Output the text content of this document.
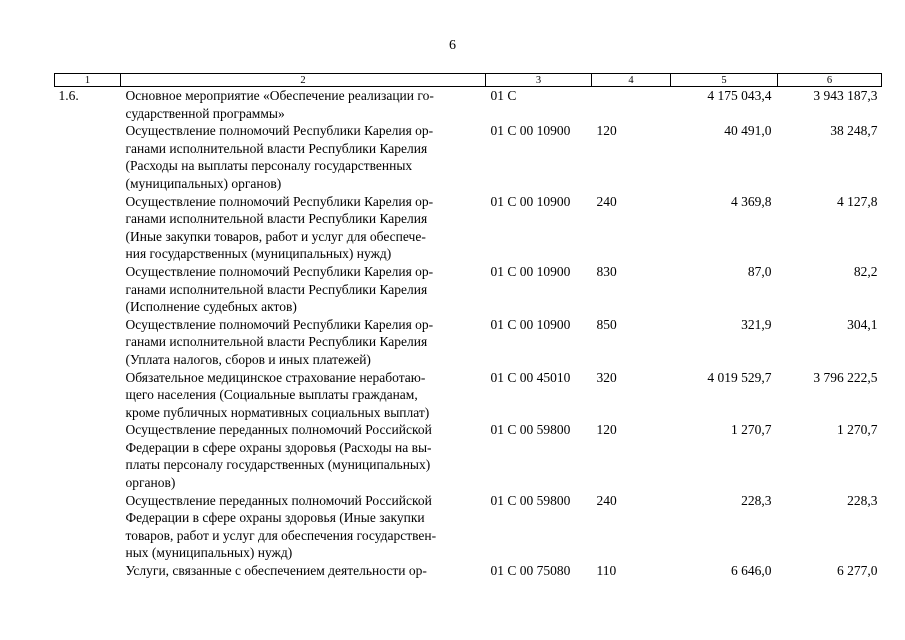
6
1	2	3	4	5	6
1.6.	Основное мероприятие «Обеспечение реализации го-
сударственной программы»	01 С		4 175 043,4	3 943 187,3
	Осуществление полномочий Республики Карелия ор-
ганами исполнительной власти Республики Карелия
(Расходы на выплаты персоналу государственных
(муниципальных) органов)	01 С 00 10900	120	40 491,0	38 248,7
	Осуществление полномочий Республики Карелия ор-
ганами исполнительной власти Республики Карелия
(Иные закупки товаров, работ и услуг для обеспече-
ния государственных (муниципальных) нужд)	01 С 00 10900	240	4 369,8	4 127,8
	Осуществление полномочий Республики Карелия ор-
ганами исполнительной власти Республики Карелия
(Исполнение судебных актов)	01 С 00 10900	830	87,0	82,2
	Осуществление полномочий Республики Карелия ор-
ганами исполнительной власти Республики Карелия
(Уплата налогов, сборов и иных платежей)	01 С 00 10900	850	321,9	304,1
	Обязательное медицинское страхование неработаю-
щего населения (Социальные выплаты гражданам,
кроме публичных нормативных социальных выплат)	01 С 00 45010	320	4 019 529,7	3 796 222,5
	Осуществление переданных полномочий Российской
Федерации в сфере охраны здоровья (Расходы на вы-
платы персоналу государственных (муниципальных)
органов)	01 С 00 59800	120	1 270,7	1 270,7
	Осуществление переданных полномочий Российской
Федерации в сфере охраны здоровья (Иные закупки
товаров, работ и услуг для обеспечения государствен-
ных (муниципальных) нужд)	01 С 00 59800	240	228,3	228,3
	Услуги, связанные с обеспечением деятельности ор-	01 С 00 75080	110	6 646,0	6 277,0
